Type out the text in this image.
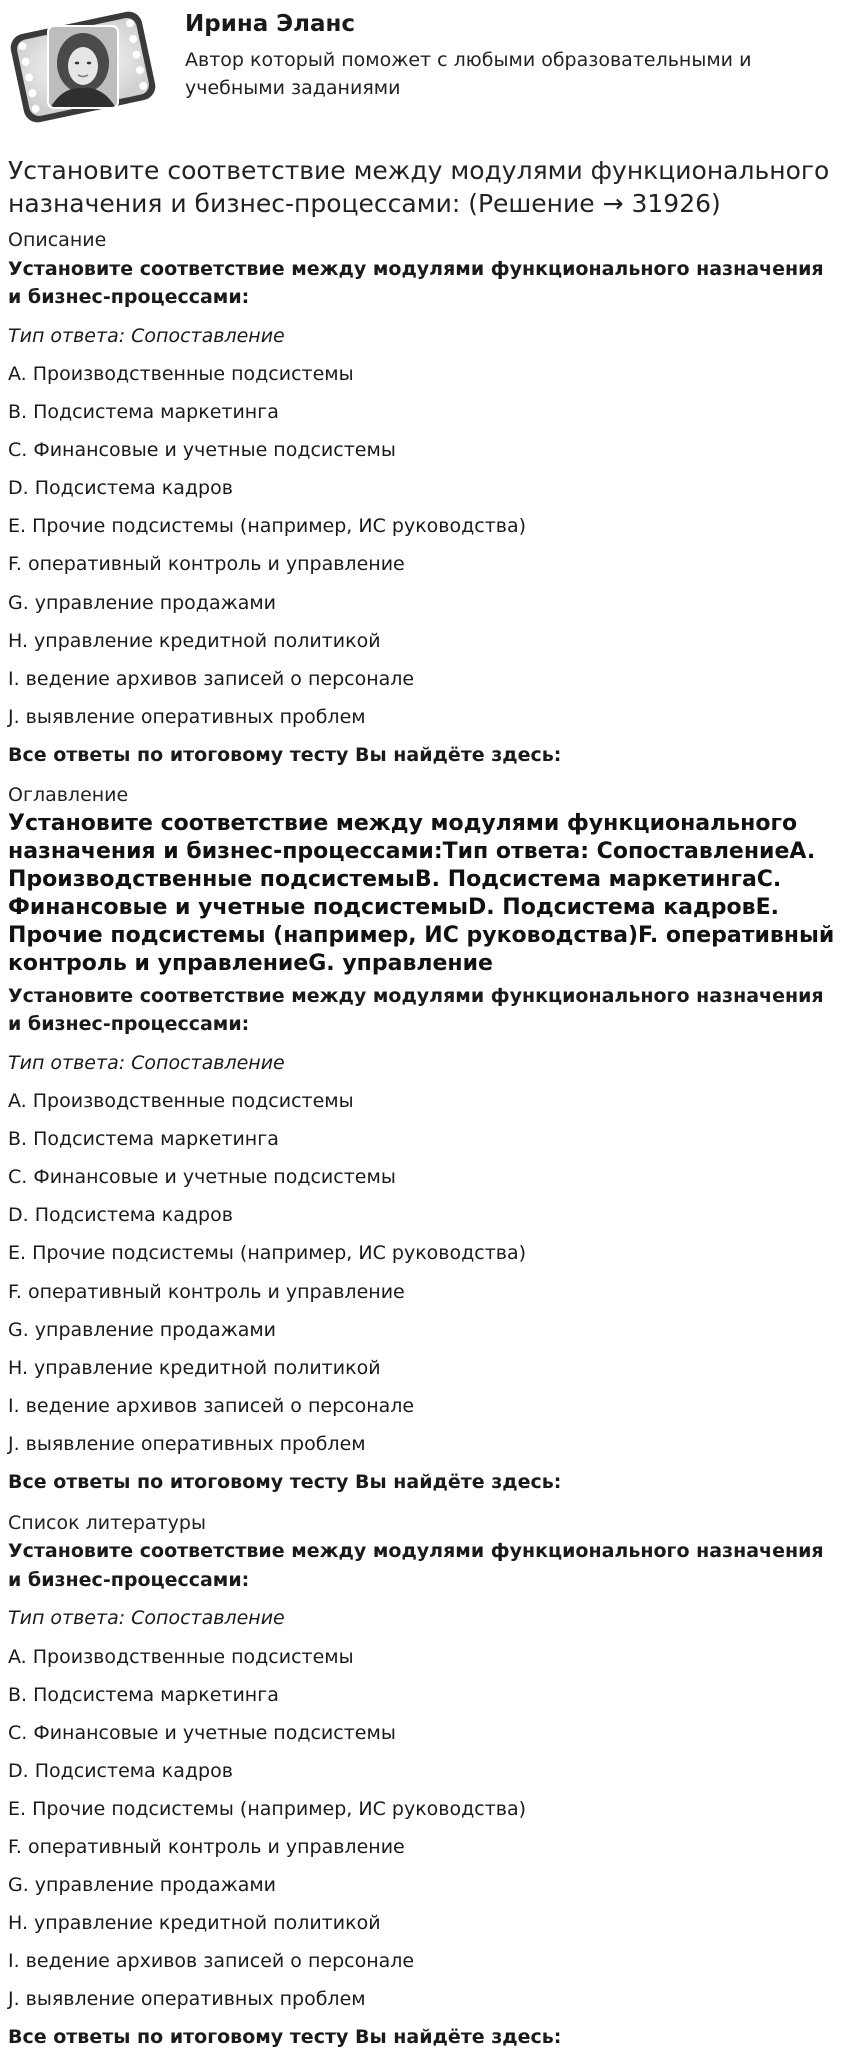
Ирина Эланс
Автор который поможет с любыми образовательными и учебными заданиями
Установите соответствие между модулями функционального назначения и бизнес-процессами: (Решение → 31926)
Описание
Установите соответствие между модулями функционального назначения и бизнес-процессами:
Тип ответа: Сопоставление
A. Производственные подсистемы
B. Подсистема маркетинга
C. Финансовые и учетные подсистемы
D. Подсистема кадров
E. Прочие подсистемы (например, ИС руководства)
F. оперативный контроль и управление
G. управление продажами
H. управление кредитной политикой
I. ведение архивов записей о персонале
J. выявление оперативных проблем
Все ответы по итоговому тесту Вы найдёте здесь:
Оглавление
Установите соответствие между модулями функционального назначения и бизнес-процессами:Тип ответа: СопоставлениеA. Производственные подсистемыB. Подсистема маркетингаC. Финансовые и учетные подсистемыD. Подсистема кадровE. Прочие подсистемы (например, ИС руководства)F. оперативный контроль и управлениеG. управление
Установите соответствие между модулями функционального назначения и бизнес-процессами:
Тип ответа: Сопоставление
A. Производственные подсистемы
B. Подсистема маркетинга
C. Финансовые и учетные подсистемы
D. Подсистема кадров
E. Прочие подсистемы (например, ИС руководства)
F. оперативный контроль и управление
G. управление продажами
H. управление кредитной политикой
I. ведение архивов записей о персонале
J. выявление оперативных проблем
Все ответы по итоговому тесту Вы найдёте здесь:
Список литературы
Установите соответствие между модулями функционального назначения и бизнес-процессами:
Тип ответа: Сопоставление
A. Производственные подсистемы
B. Подсистема маркетинга
C. Финансовые и учетные подсистемы
D. Подсистема кадров
E. Прочие подсистемы (например, ИС руководства)
F. оперативный контроль и управление
G. управление продажами
H. управление кредитной политикой
I. ведение архивов записей о персонале
J. выявление оперативных проблем
Все ответы по итоговому тесту Вы найдёте здесь:
